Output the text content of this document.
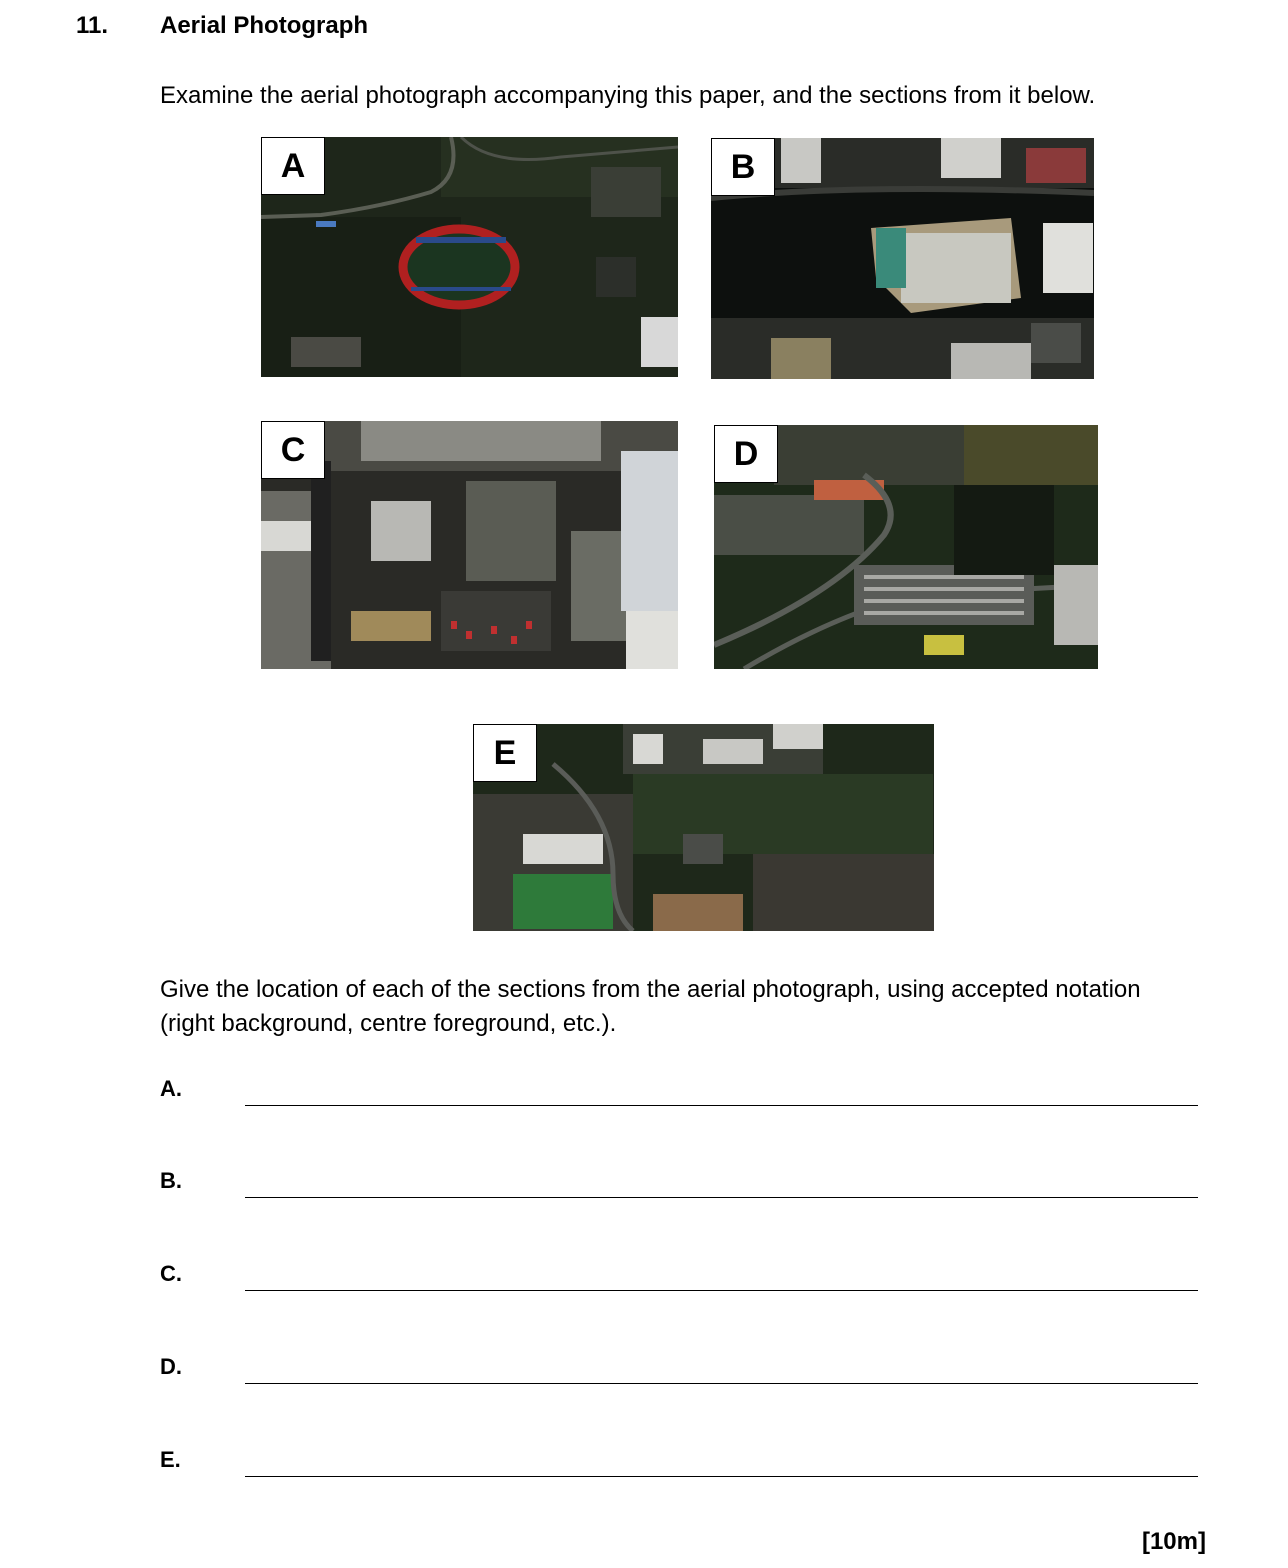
11. Aerial Photograph
Examine the aerial photograph accompanying this paper, and the sections from it below.
A	B
C	D
E
Give the location of each of the sections from the aerial photograph, using accepted notation (right background, centre foreground, etc.).
A.
B.
C.
D.
E.
[10m]
